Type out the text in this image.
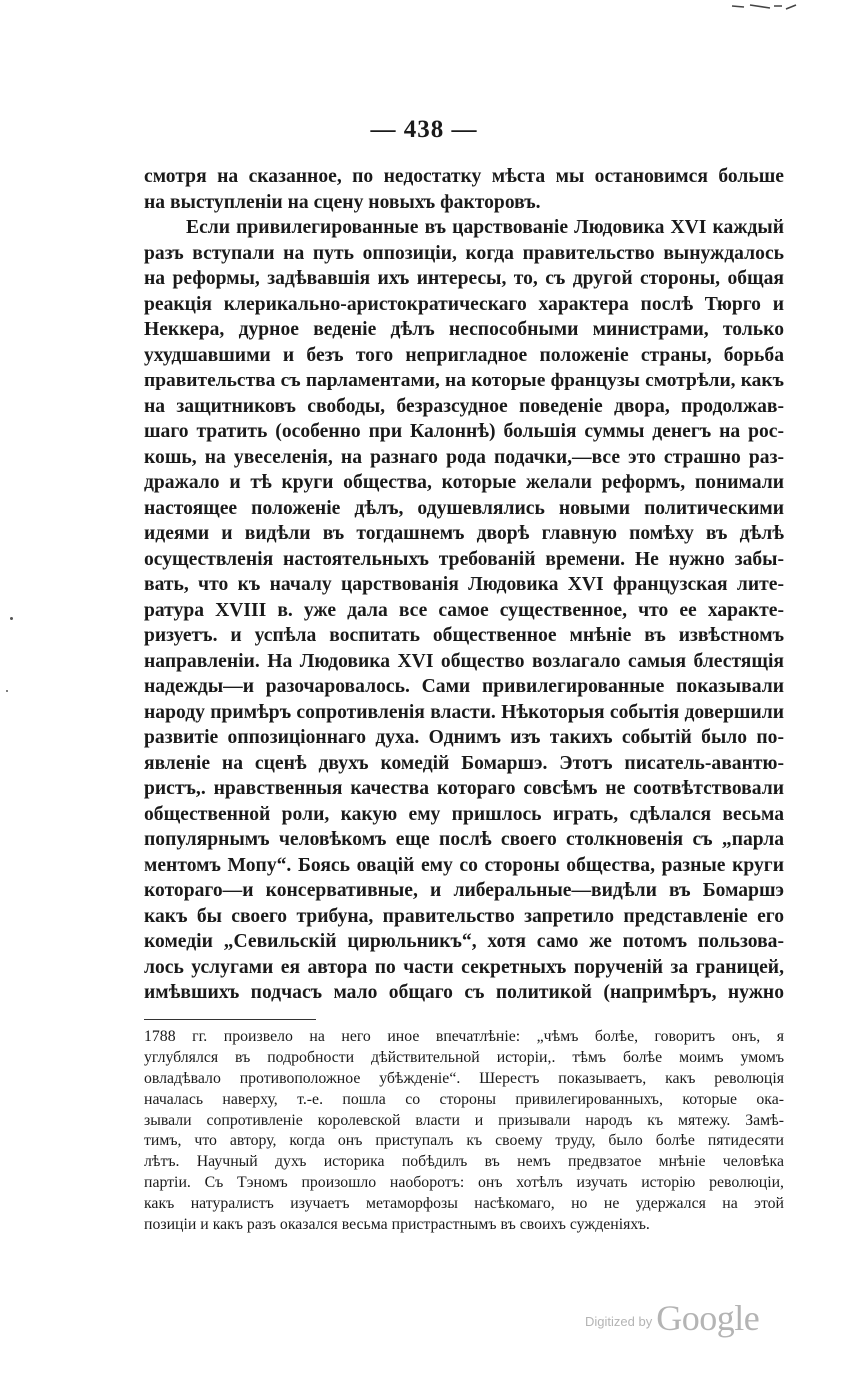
— 438 —
смотря на сказанное, по недостатку мѣста мы остановимся больше
на выступленіи на сцену новыхъ факторовъ.
Если привилегированные въ царствованіе Людовика XVI каждый
разъ вступали на путь оппозиціи, когда правительство вынуждалось
на реформы, задѣвавшія ихъ интересы, то, съ другой стороны, общая
реакція клерикально-аристократическаго характера послѣ Тюрго и
Неккера, дурное веденіе дѣлъ неспособными министрами, только
ухудшавшими и безъ того непригладное положеніе страны, борьба
правительства съ парламентами, на которые французы смотрѣли, какъ
на защитниковъ свободы, безразсудное поведеніе двора, продолжав-
шаго тратить (особенно при Калоннѣ) большія суммы денегъ на рос-
кошь, на увеселенія, на разнаго рода подачки,—все это страшно раз-
дражало и тѣ круги общества, которые желали реформъ, понимали
настоящее положеніе дѣлъ, одушевлялись новыми политическими
идеями и видѣли въ тогдашнемъ дворѣ главную помѣху въ дѣлѣ
осуществленія настоятельныхъ требованій времени. Не нужно забы-
вать, что къ началу царствованія Людовика XVI французская лите-
ратура XVIII в. уже дала все самое существенное, что ее характе-
ризуетъ. и успѣла воспитать общественное мнѣніе въ извѣстномъ
направленіи. На Людовика XVI общество возлагало самыя блестящія
надежды—и разочаровалось. Сами привилегированные показывали
народу примѣръ сопротивленія власти. Нѣкоторыя событія довершили
развитіе оппозиціоннаго духа. Однимъ изъ такихъ событій было по-
явленіе на сценѣ двухъ комедій Бомаршэ. Этотъ писатель-авантю-
ристъ,. нравственныя качества котораго совсѣмъ не соотвѣтствовали
общественной роли, какую ему пришлось играть, сдѣлался весьма
популярнымъ человѣкомъ еще послѣ своего столкновенія съ „парла
ментомъ Мопу“. Боясь овацій ему со стороны общества, разные круги
котораго—и консервативные, и либеральные—видѣли въ Бомаршэ
какъ бы своего трибуна, правительство запретило представленіе его
комедіи „Севильскій цирюльникъ“, хотя само же потомъ пользова-
лось услугами ея автора по части секретныхъ порученій за границей,
имѣвшихъ подчасъ мало общаго съ политикой (напримѣръ, нужно
1788 гг. произвело на него иное впечатлѣніе: „чѣмъ болѣе, говоритъ онъ, я
углублялся въ подробности дѣйствительной исторіи,. тѣмъ болѣе моимъ умомъ
овладѣвало противоположное убѣжденіе“. Шерестъ показываетъ, какъ революція
началась наверху, т.-е. пошла со стороны привилегированныхъ, которые ока-
зывали сопротивленіе королевской власти и призывали народъ къ мятежу. Замѣ-
тимъ, что автору, когда онъ приступалъ къ своему труду, было болѣе пятидесяти
лѣтъ. Научный духъ историка побѣдилъ въ немъ предвзатое мнѣніе человѣка
партіи. Съ Тэномъ произошло наоборотъ: онъ хотѣлъ изучать исторію революціи,
какъ натуралистъ изучаетъ метаморфозы насѣкомаго, но не удержался на этой
позиціи и какъ разъ оказался весьма пристрастнымъ въ своихъ сужденіяхъ.
Digitized by Google
